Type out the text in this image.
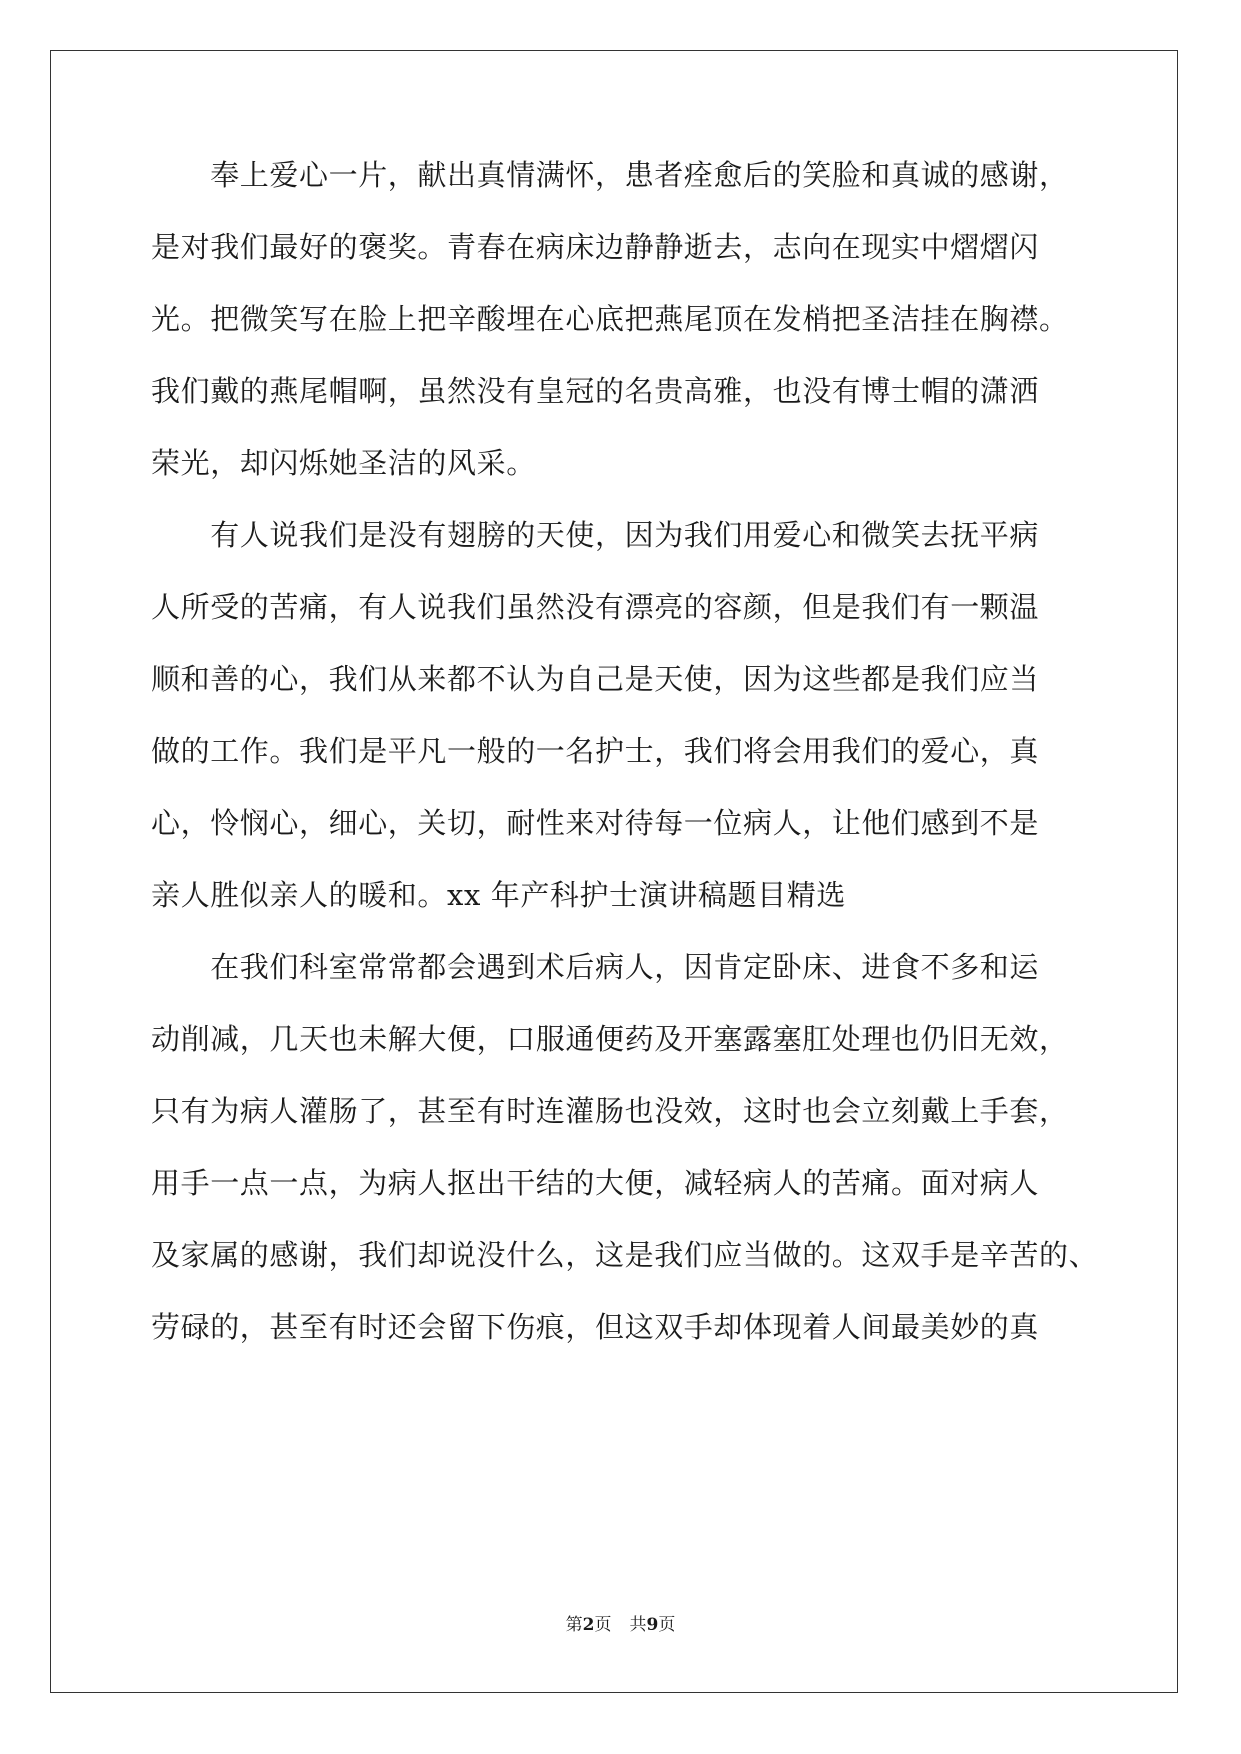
　　奉上爱心一片，献出真情满怀，患者痊愈后的笑脸和真诚的感谢，
是对我们最好的褒奖。青春在病床边静静逝去，志向在现实中熠熠闪
光。把微笑写在脸上把辛酸埋在心底把燕尾顶在发梢把圣洁挂在胸襟。
我们戴的燕尾帽啊，虽然没有皇冠的名贵高雅，也没有博士帽的潇洒
荣光，却闪烁她圣洁的风采。
　　有人说我们是没有翅膀的天使，因为我们用爱心和微笑去抚平病
人所受的苦痛，有人说我们虽然没有漂亮的容颜，但是我们有一颗温
顺和善的心，我们从来都不认为自己是天使，因为这些都是我们应当
做的工作。我们是平凡一般的一名护士，我们将会用我们的爱心，真
心，怜悯心，细心，关切，耐性来对待每一位病人，让他们感到不是
亲人胜似亲人的暖和。xx 年产科护士演讲稿题目精选
　　在我们科室常常都会遇到术后病人，因肯定卧床、进食不多和运
动削减，几天也未解大便，口服通便药及开塞露塞肛处理也仍旧无效，
只有为病人灌肠了，甚至有时连灌肠也没效，这时也会立刻戴上手套，
用手一点一点，为病人抠出干结的大便，减轻病人的苦痛。面对病人
及家属的感谢，我们却说没什么，这是我们应当做的。这双手是辛苦的、
劳碌的，甚至有时还会留下伤痕，但这双手却体现着人间最美妙的真
第2页 共9页
